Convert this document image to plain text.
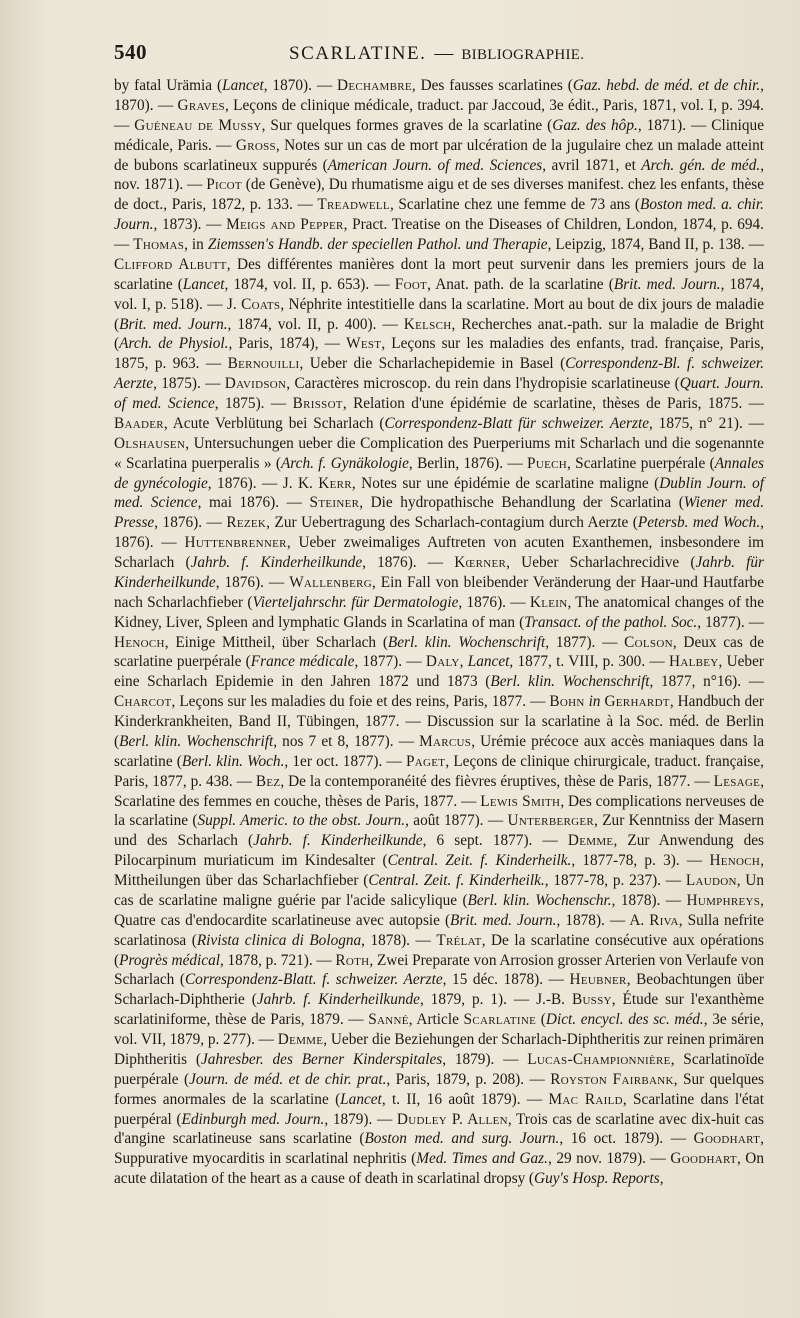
540	SCARLATINE. — BIBLIOGRAPHIE.
by fatal Urämia (Lancet, 1870). — Dechambre, Des fausses scarlatines (Gaz. hebd. de méd. et de chir., 1870). — Graves, Leçons de clinique médicale, traduct. par Jaccoud, 3e édit., Paris, 1871, vol. I, p. 394. — Guéneau de Mussy, Sur quelques formes graves de la scarlatine (Gaz. des hôp., 1871). — Clinique médicale, Paris. — Gross, Notes sur un cas de mort par ulcération de la jugulaire chez un malade atteint de bubons scarlatineux suppurés (American Journ. of med. Sciences, avril 1871, et Arch. gén. de méd., nov. 1871). — Picot (de Genève), Du rhumatisme aigu et de ses diverses manifest. chez les enfants, thèse de doct., Paris, 1872, p. 133. — Treadwell, Scarlatine chez une femme de 73 ans (Boston med. a. chir. Journ., 1873). — Meigs and Pepper, Pract. Treatise on the Diseases of Children, London, 1874, p. 694. — Thomas, in Ziemssen's Handb. der speciellen Pathol. und Therapie, Leipzig, 1874, Band II, p. 138. — Clifford Albutt, Des différentes manières dont la mort peut survenir dans les premiers jours de la scarlatine (Lancet, 1874, vol. II, p. 653). — Foot, Anat. path. de la scarlatine (Brit. med. Journ., 1874, vol. I, p. 518). — J. Coats, Néphrite intestitielle dans la scarlatine. Mort au bout de dix jours de maladie (Brit. med. Journ., 1874, vol. II, p. 400). — Kelsch, Recherches anat.-path. sur la maladie de Bright (Arch. de Physiol., Paris, 1874), — West, Leçons sur les maladies des enfants, trad. française, Paris, 1875, p. 963. — Bernouilli, Ueber die Scharlachepidemie in Basel (Correspondenz-Bl. f. schweizer. Aerzte, 1875). — Davidson, Caractères microscop. du rein dans l'hydropisie scarlatineuse (Quart. Journ. of med. Science, 1875). — Brissot, Relation d'une épidémie de scarlatine, thèses de Paris, 1875. — Baader, Acute Verblütung bei Scharlach (Correspondenz-Blatt für schweizer. Aerzte, 1875, n° 21). — Olshausen, Untersuchungen ueber die Complication des Puerperiums mit Scharlach und die sogenannte « Scarlatina puerperalis » (Arch. f. Gynäkologie, Berlin, 1876). — Puech, Scarlatine puerpérale (Annales de gynécologie, 1876). — J. K. Kerr, Notes sur une épidémie de scarlatine maligne (Dublin Journ. of med. Science, mai 1876). — Steiner, Die hydropathische Behandlung der Scarlatina (Wiener med. Presse, 1876). — Rezek, Zur Uebertragung des Scharlach-contagium durch Aerzte (Petersb. med Woch., 1876). — Huttenbrenner, Ueber zweimaliges Auftreten von acuten Exanthemen, insbesondere im Scharlach (Jahrb. f. Kinderheilkunde, 1876). — Kœrner, Ueber Scharlachrecidive (Jahrb. für Kinderheilkunde, 1876). — Wallenberg, Ein Fall von bleibender Veränderung der Haar-und Hautfarbe nach Scharlachfieber (Vierteljahrschr. für Dermatologie, 1876). — Klein, The anatomical changes of the Kidney, Liver, Spleen and lymphatic Glands in Scarlatina of man (Transact. of the pathol. Soc., 1877). — Henoch, Einige Mittheil, über Scharlach (Berl. klin. Wochenschrift, 1877). — Colson, Deux cas de scarlatine puerpérale (France médicale, 1877). — Daly, Lancet, 1877, t. VIII, p. 300. — Halbey, Ueber eine Scharlach Epidemie in den Jahren 1872 und 1873 (Berl. klin. Wochenschrift, 1877, n°16). — Charcot, Leçons sur les maladies du foie et des reins, Paris, 1877. — Bohn in Gerhardt, Handbuch der Kinderkrankheiten, Band II, Tübingen, 1877. — Discussion sur la scarlatine à la Soc. méd. de Berlin (Berl. klin. Wochenschrift, nos 7 et 8, 1877). — Marcus, Urémie précoce aux accès maniaques dans la scarlatine (Berl. klin. Woch., 1er oct. 1877). — Paget, Leçons de clinique chirurgicale, traduct. française, Paris, 1877, p. 438. — Bez, De la contemporanéité des fièvres éruptives, thèse de Paris, 1877. — Lesage, Scarlatine des femmes en couche, thèses de Paris, 1877. — Lewis Smith, Des complications nerveuses de la scarlatine (Suppl. Americ. to the obst. Journ., août 1877). — Unterberger, Zur Kenntniss der Masern und des Scharlach (Jahrb. f. Kinderheilkunde, 6 sept. 1877). — Demme, Zur Anwendung des Pilocarpinum muriaticum im Kindesalter (Central. Zeit. f. Kinderheilk., 1877-78, p. 3). — Henoch, Mittheilungen über das Scharlachfieber (Central. Zeit. f. Kinderheilk., 1877-78, p. 237). — Laudon, Un cas de scarlatine maligne guérie par l'acide salicylique (Berl. klin. Wochenschr., 1878). — Humphreys, Quatre cas d'endocardite scarlatineuse avec autopsie (Brit. med. Journ., 1878). — A. Riva, Sulla nefrite scarlatinosa (Rivista clinica di Bologna, 1878). — Trélat, De la scarlatine consécutive aux opérations (Progrès médical, 1878, p. 721). — Roth, Zwei Preparate von Arrosion grosser Arterien von Verlaufe von Scharlach (Correspondenz-Blatt. f. schweizer. Aerzte, 15 déc. 1878). — Heubner, Beobachtungen über Scharlach-Diphtherie (Jahrb. f. Kinderheilkunde, 1879, p. 1). — J.-B. Bussy, Étude sur l'exanthème scarlatiniforme, thèse de Paris, 1879. — Sanné, Article Scarlatine (Dict. encycl. des sc. méd., 3e série, vol. VII, 1879, p. 277). — Demme, Ueber die Beziehungen der Scharlach-Diphtheritis zur reinen primären Diphtheritis (Jahresber. des Berner Kinderspitales, 1879). — Lucas-Championnière, Scarlatinoïde puerpérale (Journ. de méd. et de chir. prat., Paris, 1879, p. 208). — Royston Fairbank, Sur quelques formes anormales de la scarlatine (Lancet, t. II, 16 août 1879). — Mac Raild, Scarlatine dans l'état puerpéral (Edinburgh med. Journ., 1879). — Dudley P. Allen, Trois cas de scarlatine avec dix-huit cas d'angine scarlatineuse sans scarlatine (Boston med. and surg. Journ., 16 oct. 1879). — Goodhart, Suppurative myocarditis in scarlatinal nephritis (Med. Times and Gaz., 29 nov. 1879). — Goodhart, On acute dilatation of the heart as a cause of death in scarlatinal dropsy (Guy's Hosp. Reports,
